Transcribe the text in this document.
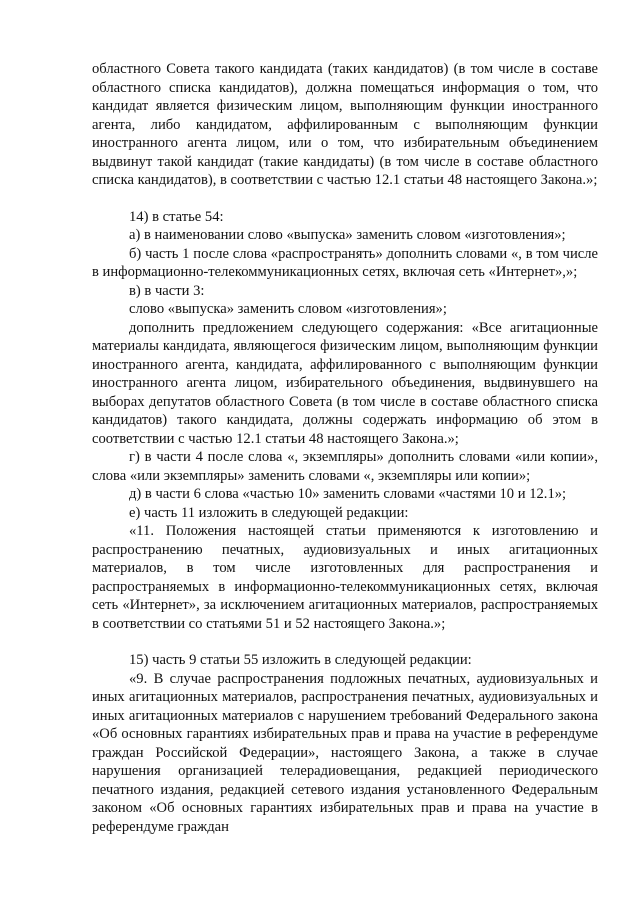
областного Совета такого кандидата (таких кандидатов) (в том числе в составе областного списка кандидатов), должна помещаться информация о том, что кандидат является физическим лицом, выполняющим функции иностранного агента, либо кандидатом, аффилированным с выполняющим функции иностранного агента лицом, или о том, что избирательным объединением выдвинут такой кандидат (такие кандидаты) (в том числе в составе областного списка кандидатов), в соответствии с частью 12.1 статьи 48 настоящего Закона.»;

14) в статье 54:

а) в наименовании слово «выпуска» заменить словом «изготовления»;

б) часть 1 после слова «распространять» дополнить словами «, в том числе в информационно-телекоммуникационных сетях, включая сеть «Интернет»,»;

в) в части 3:

слово «выпуска» заменить словом «изготовления»;

дополнить предложением следующего содержания: «Все агитационные материалы кандидата, являющегося физическим лицом, выполняющим функции иностранного агента, кандидата, аффилированного с выполняющим функции иностранного агента лицом, избирательного объединения, выдвинувшего на выборах депутатов областного Совета (в том числе в составе областного списка кандидатов) такого кандидата, должны содержать информацию об этом в соответствии с частью 12.1 статьи 48 настоящего Закона.»;

г) в части 4 после слова «, экземпляры» дополнить словами «или копии», слова «или экземпляры» заменить словами «, экземпляры или копии»;

д) в части 6 слова «частью 10» заменить словами «частями 10 и 12.1»;

е) часть 11 изложить в следующей редакции:

«11. Положения настоящей статьи применяются к изготовлению и распространению печатных, аудиовизуальных и иных агитационных материалов, в том числе изготовленных для распространения и распространяемых в информационно-телекоммуникационных сетях, включая сеть «Интернет», за исключением агитационных материалов, распространяемых в соответствии со статьями 51 и 52 настоящего Закона.»;

15) часть 9 статьи 55 изложить в следующей редакции:

«9. В случае распространения подложных печатных, аудиовизуальных и иных агитационных материалов, распространения печатных, аудиовизуальных и иных агитационных материалов с нарушением требований Федерального закона «Об основных гарантиях избирательных прав и права на участие в референдуме граждан Российской Федерации», настоящего Закона, а также в случае нарушения организацией телерадиовещания, редакцией периодического печатного издания, редакцией сетевого издания установленного Федеральным законом «Об основных гарантиях избирательных прав и права на участие в референдуме граждан
